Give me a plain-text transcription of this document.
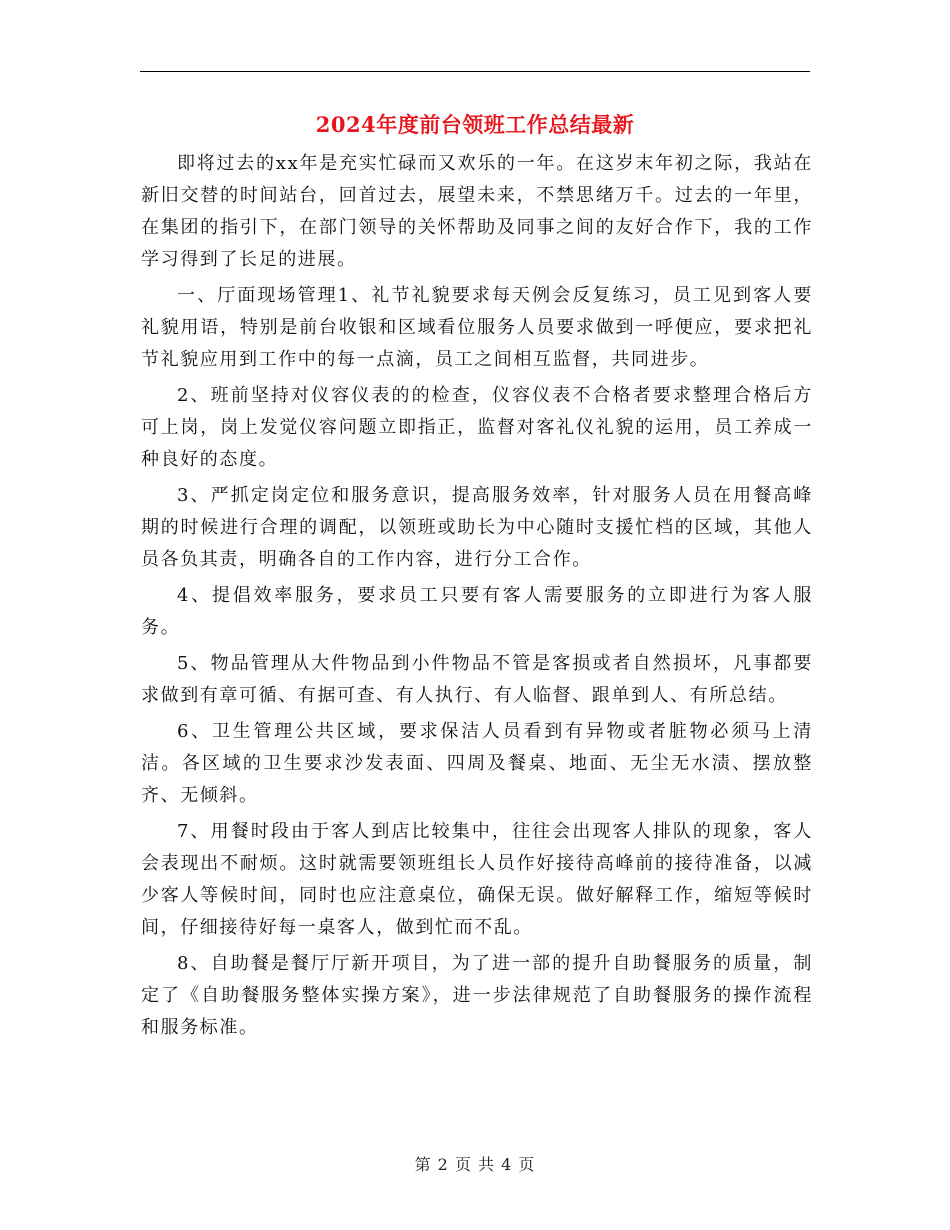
2024年度前台领班工作总结最新

即将过去的xx年是充实忙碌而又欢乐的一年。在这岁末年初之际，我站在新旧交替的时间站台，回首过去，展望未来，不禁思绪万千。过去的一年里，在集团的指引下，在部门领导的关怀帮助及同事之间的友好合作下，我的工作学习得到了长足的进展。

一、厅面现场管理1、礼节礼貌要求每天例会反复练习，员工见到客人要礼貌用语，特别是前台收银和区域看位服务人员要求做到一呼便应，要求把礼节礼貌应用到工作中的每一点滴，员工之间相互监督，共同进步。

2、班前坚持对仪容仪表的的检查，仪容仪表不合格者要求整理合格后方可上岗，岗上发觉仪容问题立即指正，监督对客礼仪礼貌的运用，员工养成一种良好的态度。

3、严抓定岗定位和服务意识，提高服务效率，针对服务人员在用餐高峰期的时候进行合理的调配，以领班或助长为中心随时支援忙档的区域，其他人员各负其责，明确各自的工作内容，进行分工合作。

4、提倡效率服务，要求员工只要有客人需要服务的立即进行为客人服务。

5、物品管理从大件物品到小件物品不管是客损或者自然损坏，凡事都要求做到有章可循、有据可查、有人执行、有人临督、跟单到人、有所总结。

6、卫生管理公共区域，要求保洁人员看到有异物或者脏物必须马上清洁。各区域的卫生要求沙发表面、四周及餐桌、地面、无尘无水渍、摆放整齐、无倾斜。

7、用餐时段由于客人到店比较集中，往往会出现客人排队的现象，客人会表现出不耐烦。这时就需要领班组长人员作好接待高峰前的接待准备，以减少客人等候时间，同时也应注意桌位，确保无误。做好解释工作，缩短等候时间，仔细接待好每一桌客人，做到忙而不乱。

8、自助餐是餐厅厅新开项目，为了进一部的提升自助餐服务的质量，制定了《自助餐服务整体实操方案》，进一步法律规范了自助餐服务的操作流程和服务标准。

第 2 页 共 4 页
